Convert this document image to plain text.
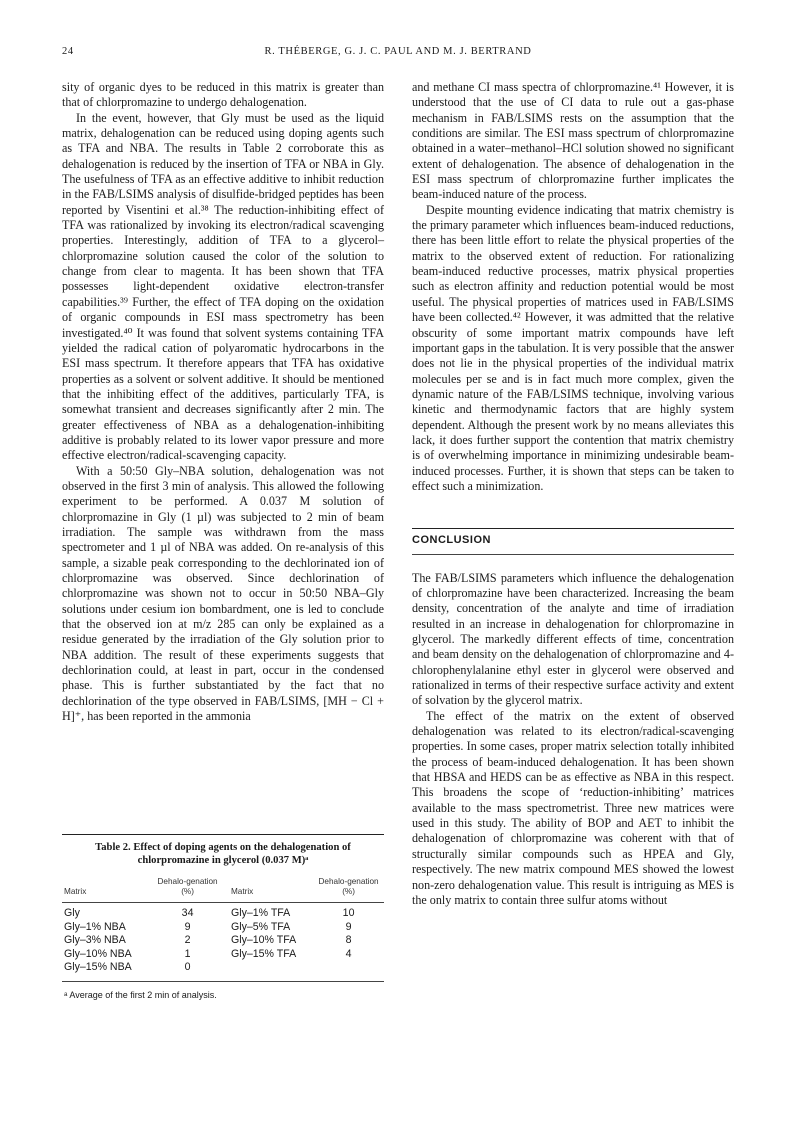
24	R. THÉBERGE, G. J. C. PAUL AND M. J. BERTRAND

sity of organic dyes to be reduced in this matrix is greater than that of chlorpromazine to undergo dehalogenation.

In the event, however, that Gly must be used as the liquid matrix, dehalogenation can be reduced using doping agents such as TFA and NBA. The results in Table 2 corroborate this as dehalogenation is reduced by the insertion of TFA or NBA in Gly. The usefulness of TFA as an effective additive to inhibit reduction in the FAB/LSIMS analysis of disulfide-bridged peptides has been reported by Visentini et al.³⁸ The reduction-inhibiting effect of TFA was rationalized by invoking its electron/radical scavenging properties. Interestingly, addition of TFA to a glycerol–chlorpromazine solution caused the color of the solution to change from clear to magenta. It has been shown that TFA possesses light-dependent oxidative electron-transfer capabilities.³⁹ Further, the effect of TFA doping on the oxidation of organic compounds in ESI mass spectrometry has been investigated.⁴⁰ It was found that solvent systems containing TFA yielded the radical cation of polyaromatic hydrocarbons in the ESI mass spectrum. It therefore appears that TFA has oxidative properties as a solvent or solvent additive. It should be mentioned that the inhibiting effect of the additives, particularly TFA, is somewhat transient and decreases significantly after 2 min. The greater effectiveness of NBA as a dehalogenation-inhibiting additive is probably related to its lower vapor pressure and more effective electron/radical-scavenging capacity.

With a 50:50 Gly–NBA solution, dehalogenation was not observed in the first 3 min of analysis. This allowed the following experiment to be performed. A 0.037 M solution of chlorpromazine in Gly (1 µl) was subjected to 2 min of beam irradiation. The sample was withdrawn from the mass spectrometer and 1 µl of NBA was added. On re-analysis of this sample, a sizable peak corresponding to the dechlorinated ion of chlorpromazine was observed. Since dechlorination of chlorpromazine was shown not to occur in 50:50 NBA–Gly solutions under cesium ion bombardment, one is led to conclude that the observed ion at m/z 285 can only be explained as a residue generated by the irradiation of the Gly solution prior to NBA addition. The result of these experiments suggests that dechlorination could, at least in part, occur in the condensed phase. This is further substantiated by the fact that no dechlorination of the type observed in FAB/LSIMS, [MH − Cl + H]⁺, has been reported in the ammonia

Table 2. Effect of doping agents on the dehalogenation of chlorpromazine in glycerol (0.037 M)ᵃ
Matrix	Dehalo-genation (%)	Matrix	Dehalo-genation (%)
Gly	34	Gly–1% TFA	10
Gly–1% NBA	9	Gly–5% TFA	9
Gly–3% NBA	2	Gly–10% TFA	8
Gly–10% NBA	1	Gly–15% TFA	4
Gly–15% NBA	0		
ᵃ Average of the first 2 min of analysis.

and methane CI mass spectra of chlorpromazine.⁴¹ However, it is understood that the use of CI data to rule out a gas-phase mechanism in FAB/LSIMS rests on the assumption that the conditions are similar. The ESI mass spectrum of chlorpromazine obtained in a water–methanol–HCl solution showed no significant extent of dehalogenation. The absence of dehalogenation in the ESI mass spectrum of chlorpromazine further implicates the beam-induced nature of the process.

Despite mounting evidence indicating that matrix chemistry is the primary parameter which influences beam-induced reductions, there has been little effort to relate the physical properties of the matrix to the observed extent of reduction. For rationalizing beam-induced reductive processes, matrix physical properties such as electron affinity and reduction potential would be most useful. The physical properties of matrices used in FAB/LSIMS have been collected.⁴² However, it was admitted that the relative obscurity of some important matrix compounds have left important gaps in the tabulation. It is very possible that the answer does not lie in the physical properties of the individual matrix molecules per se and is in fact much more complex, given the dynamic nature of the FAB/LSIMS technique, involving various kinetic and thermodynamic factors that are highly system dependent. Although the present work by no means alleviates this lack, it does further support the contention that matrix chemistry is of overwhelming importance in minimizing undesirable beam-induced processes. Further, it is shown that steps can be taken to effect such a minimization.

CONCLUSION

The FAB/LSIMS parameters which influence the dehalogenation of chlorpromazine have been characterized. Increasing the beam density, concentration of the analyte and time of irradiation resulted in an increase in dehalogenation for chlorpromazine in glycerol. The markedly different effects of time, concentration and beam density on the dehalogenation of chlorpromazine and 4-chlorophenylalanine ethyl ester in glycerol were observed and rationalized in terms of their respective surface activity and extent of solvation by the glycerol matrix.

The effect of the matrix on the extent of observed dehalogenation was related to its electron/radical-scavenging properties. In some cases, proper matrix selection totally inhibited the process of beam-induced dehalogenation. It has been shown that HBSA and HEDS can be as effective as NBA in this respect. This broadens the scope of ‘reduction-inhibiting’ matrices available to the mass spectrometrist. Three new matrices were used in this study. The ability of BOP and AET to inhibit the dehalogenation of chlorpromazine was coherent with that of structurally similar compounds such as HPEA and Gly, respectively. The new matrix compound MES showed the lowest non-zero dehalogenation value. This result is intriguing as MES is the only matrix to contain three sulfur atoms without
